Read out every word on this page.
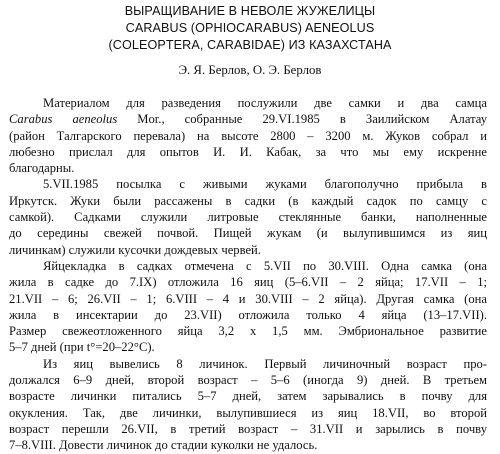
ВЫРАЩИВАНИЕ В НЕВОЛЕ ЖУЖЕЛИЦЫ
CARABUS (OPHIOCARABUS) AENEOLUS
(COLEOPTERA, CARABIDAE) ИЗ КАЗАХСТАНА
Э. Я. Берлов, О. Э. Берлов
Материалом для разведения послужили две самки и два самца
Carabus aeneolus Mor., собранные 29.VI.1985 в Заилийском Алатау
(район Талгарского перевала) на высоте 2800 – 3200 м. Жуков собрал и
любезно прислал для опытов И. И. Кабак, за что мы ему искренне
благодарны.
5.VII.1985 посылка с живыми жуками благополучно прибыла в
Иркутск. Жуки были рассажены в садки (в каждый садок по самцу с
самкой). Садками служили литровые стеклянные банки, наполненные
до середины свежей почвой. Пищей жукам (и вылупившимся из яиц
личинкам) служили кусочки дождевых червей.
Яйцекладка в садках отмечена с 5.VII по 30.VIII. Одна самка (она
жила в садке до 7.IX) отложила 16 яиц (5–6.VII – 2 яйца; 17.VII – 1;
21.VII – 6; 26.VII – 1; 6.VIII – 4 и 30.VIII – 2 яйца). Другая самка (она
жила в инсектарии до 23.VII) отложила только 4 яйца (13–17.VII).
Размер свежеотложенного яйца 3,2 х 1,5 мм. Эмбриональное развитие
5–7 дней (при t°=20–22°С).
Из яиц вывелись 8 личинок. Первый личиночный возраст про-
должался 6–9 дней, второй возраст – 5–6 (иногда 9) дней. В третьем
возрасте личинки питались 5–7 дней, затем зарывались в почву для
окукления. Так, две личинки, вылупившиеся из яиц 18.VII, во второй
возраст перешли 26.VII, в третий возраст – 31.VII и зарылись в почву
7–8.VIII. Довести личинок до стадии куколки не удалось.
